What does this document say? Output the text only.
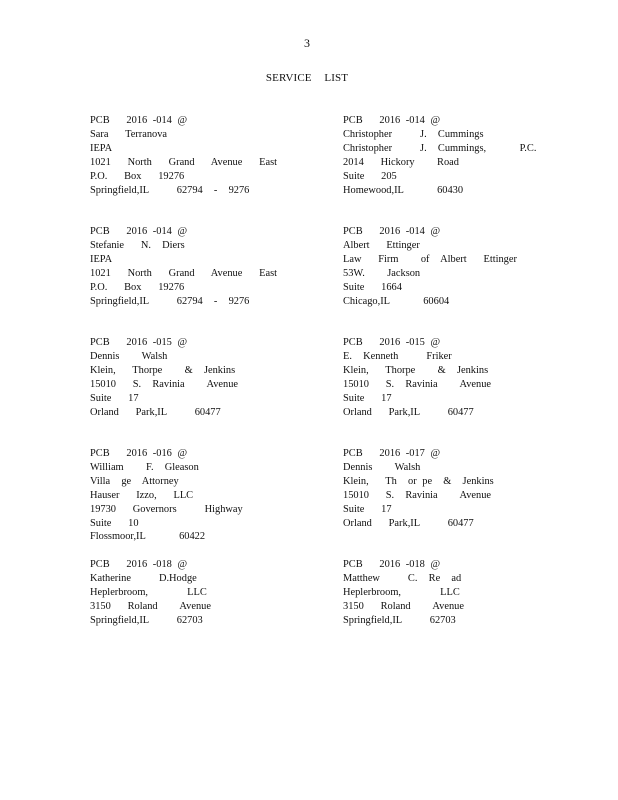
3
SERVICE LIST
PCB   2016 -014 @
Sara   Terranova
IEPA
1021   North   Grand   Avenue   East
P.O.   Box   19276
Springfield,IL     62794  -  9276
PCB   2016 -014 @
Christopher     J.  Cummings
Christopher     J.  Cummings,      P.C.
2014   Hickory    Road
Suite   205
Homewood,IL      60430
PCB   2016 -014 @
Stefanie   N.  Diers
IEPA
1021   North   Grand   Avenue   East
P.O.   Box   19276
Springfield,IL     62794  -  9276
PCB   2016 -014 @
Albert   Ettinger
Law   Firm    of  Albert   Ettinger
53W.    Jackson
Suite   1664
Chicago,IL      60604
PCB   2016 -015 @
Dennis    Walsh
Klein,   Thorpe    &  Jenkins
15010   S.  Ravinia    Avenue
Suite   17
Orland   Park,IL     60477
PCB   2016 -015 @
E.  Kenneth     Friker
Klein,   Thorpe    &  Jenkins
15010   S.  Ravinia    Avenue
Suite   17
Orland   Park,IL     60477
PCB   2016 -016 @
William    F.  Gleason
Villa  ge  Attorney
Hauser   Izzo,   LLC
19730   Governors     Highway
Suite   10
Flossmoor,IL      60422
PCB   2016 -017 @
Dennis    Walsh
Klein,   Th  or pe  &  Jenkins
15010   S.  Ravinia    Avenue
Suite   17
Orland   Park,IL     60477
PCB   2016 -018 @
Katherine     D.Hodge
Heplerbroom,       LLC
3150   Roland    Avenue
Springfield,IL     62703
PCB   2016 -018 @
Matthew     C.  Re  ad
Heplerbroom,       LLC
3150   Roland    Avenue
Springfield,IL     62703
